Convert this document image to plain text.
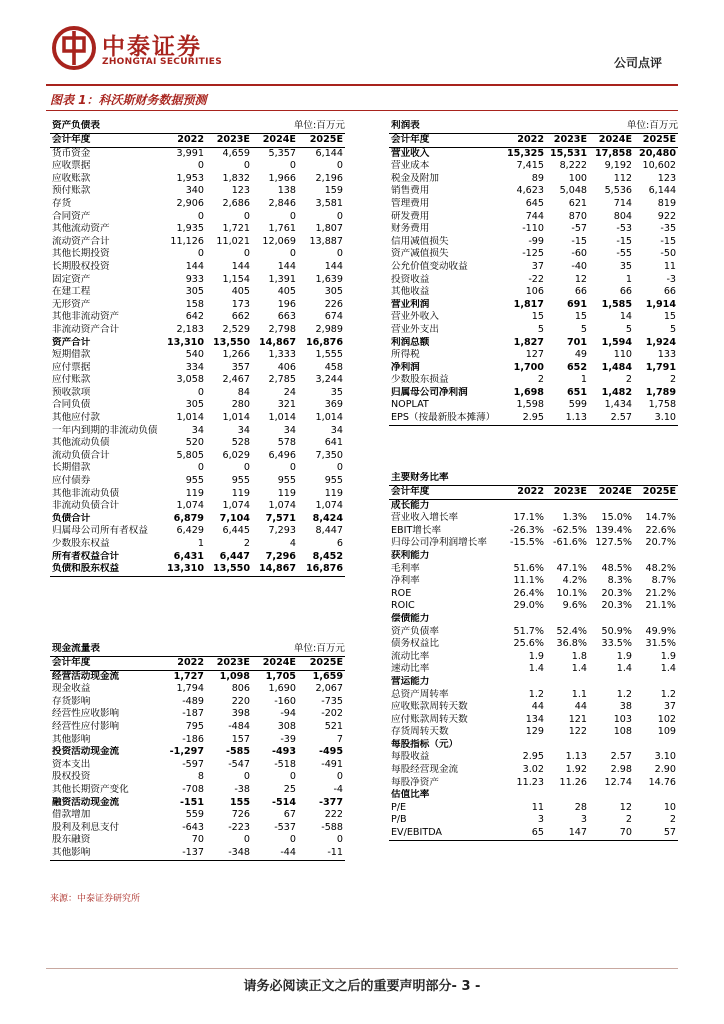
中泰证券
ZHONGTAI SECURITIES	公司点评
图表 1：科沃斯财务数据预测
资产负债表			单位:百万元	
会计年度	2022	2023E	2024E	2025E
货币资金	3,991	4,659	5,357	6,144
应收票据	0	0	0	0
应收账款	1,953	1,832	1,966	2,196
预付账款	340	123	138	159
存货	2,906	2,686	2,846	3,581
合同资产	0	0	0	0
其他流动资产	1,935	1,721	1,761	1,807
流动资产合计	11,126	11,021	12,069	13,887
其他长期投资	0	0	0	0
长期股权投资	144	144	144	144
固定资产	933	1,154	1,391	1,639
在建工程	305	405	405	305
无形资产	158	173	196	226
其他非流动资产	642	662	663	674
非流动资产合计	2,183	2,529	2,798	2,989
资产合计	13,310	13,550	14,867	16,876
短期借款	540	1,266	1,333	1,555
应付票据	334	357	406	458
应付账款	3,058	2,467	2,785	3,244
预收款项	0	84	24	35
合同负债	305	280	321	369
其他应付款	1,014	1,014	1,014	1,014
一年内到期的非流动负债	34	34	34	34
其他流动负债	520	528	578	641
流动负债合计	5,805	6,029	6,496	7,350
长期借款	0	0	0	0
应付债券	955	955	955	955
其他非流动负债	119	119	119	119
非流动负债合计	1,074	1,074	1,074	1,074
负债合计	6,879	7,104	7,571	8,424
归属母公司所有者权益	6,429	6,445	7,293	8,447
少数股东权益	1	2	4	6
所有者权益合计	6,431	6,447	7,296	8,452
负债和股东权益	13,310	13,550	14,867	16,876
现金流量表			单位:百万元	
会计年度	2022	2023E	2024E	2025E
经营活动现金流	1,727	1,098	1,705	1,659
现金收益	1,794	806	1,690	2,067
存货影响	-489	220	-160	-735
经营性应收影响	-187	398	-94	-202
经营性应付影响	795	-484	308	521
其他影响	-186	157	-39	7
投资活动现金流	-1,297	-585	-493	-495
资本支出	-597	-547	-518	-491
股权投资	8	0	0	0
其他长期资产变化	-708	-38	25	-4
融资活动现金流	-151	155	-514	-377
借款增加	559	726	67	222
股利及利息支付	-643	-223	-537	-588
股东融资	70	0	0	0
其他影响	-137	-348	-44	-11
利润表			单位:百万元	
会计年度	2022	2023E	2024E	2025E
营业收入	15,325	15,531	17,858	20,480
营业成本	7,415	8,222	9,192	10,602
税金及附加	89	100	112	123
销售费用	4,623	5,048	5,536	6,144
管理费用	645	621	714	819
研发费用	744	870	804	922
财务费用	-110	-57	-53	-35
信用减值损失	-99	-15	-15	-15
资产减值损失	-125	-60	-55	-50
公允价值变动收益	37	-40	35	11
投资收益	-22	12	1	-3
其他收益	106	66	66	66
营业利润	1,817	691	1,585	1,914
营业外收入	15	15	14	15
营业外支出	5	5	5	5
利润总额	1,827	701	1,594	1,924
所得税	127	49	110	133
净利润	1,700	652	1,484	1,791
少数股东损益	2	1	2	2
归属母公司净利润	1,698	651	1,482	1,789
NOPLAT	1,598	599	1,434	1,758
EPS（按最新股本摊薄）	2.95	1.13	2.57	3.10
主要财务比率				
会计年度	2022	2023E	2024E	2025E
成长能力				
营业收入增长率	17.1%	1.3%	15.0%	14.7%
EBIT增长率	-26.3%	-62.5%	139.4%	22.6%
归母公司净利润增长率	-15.5%	-61.6%	127.5%	20.7%
获利能力				
毛利率	51.6%	47.1%	48.5%	48.2%
净利率	11.1%	4.2%	8.3%	8.7%
ROE	26.4%	10.1%	20.3%	21.2%
ROIC	29.0%	9.6%	20.3%	21.1%
偿债能力				
资产负债率	51.7%	52.4%	50.9%	49.9%
债务权益比	25.6%	36.8%	33.5%	31.5%
流动比率	1.9	1.8	1.9	1.9
速动比率	1.4	1.4	1.4	1.4
营运能力				
总资产周转率	1.2	1.1	1.2	1.2
应收账款周转天数	44	44	38	37
应付账款周转天数	134	121	103	102
存货周转天数	129	122	108	109
每股指标（元）				
每股收益	2.95	1.13	2.57	3.10
每股经营现金流	3.02	1.92	2.98	2.90
每股净资产	11.23	11.26	12.74	14.76
估值比率				
P/E	11	28	12	10
P/B	3	3	2	2
EV/EBITDA	65	147	70	57
来源：中泰证券研究所
请务必阅读正文之后的重要声明部分- 3 -
